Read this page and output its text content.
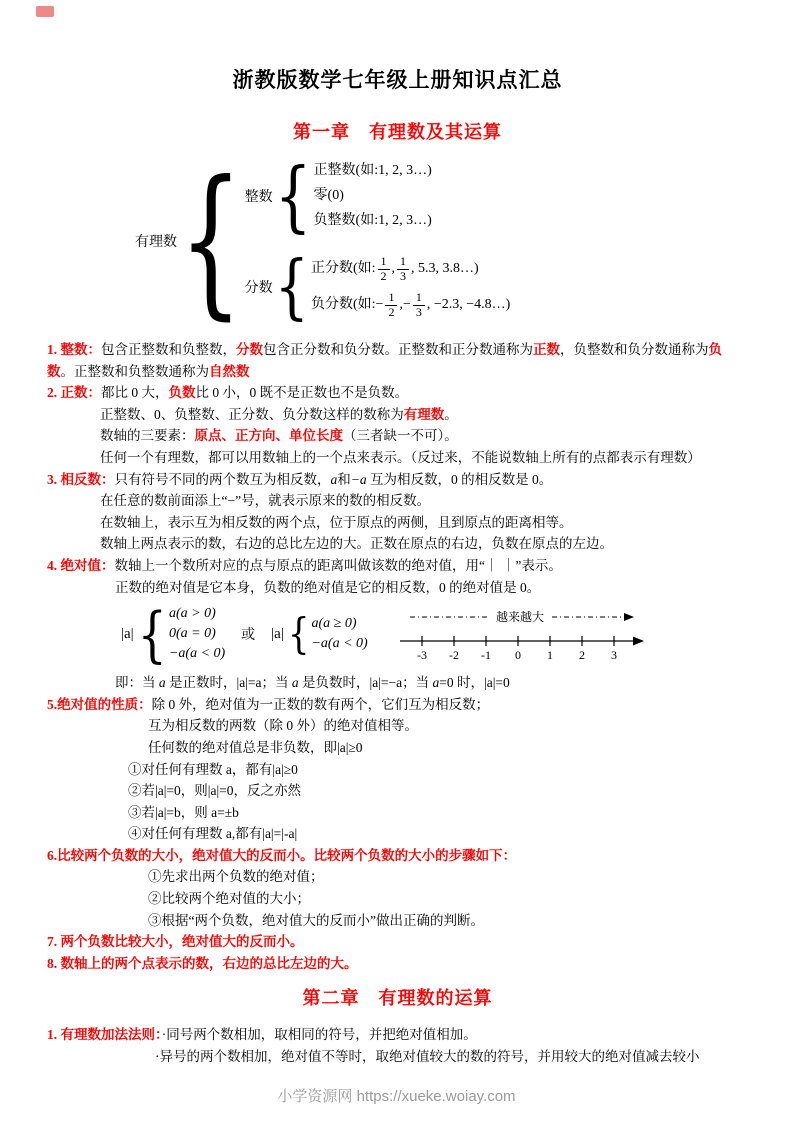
浙教版数学七年级上册知识点汇总
第一章　有理数及其运算
有理数 { 整数 { 正整数(如:1, 2, 3…)
零(0)
负整数(如:1, 2, 3…)
分数 { 正分数(如: $\frac{1}{2}$ , $\frac{1}{3}$ , 5.3, 3.8…)
负分数(如: − $\frac{1}{2}$ , − $\frac{1}{3}$ , −2.3, −4.8…)

1. 整数：包含正整数和负整数，分数包含正分数和负分数。正整数和正分数通称为正数，负整数和负分数通称为负数。正整数和负整数通称为自然数

2. 正数：都比 0 大，负数比 0 小，0 既不是正数也不是负数。

正整数、0、负整数、正分数、负分数这样的数称为有理数。

数轴的三要素：原点、正方向、单位长度（三者缺一不可）。

任何一个有理数，都可以用数轴上的一个点来表示。（反过来，不能说数轴上所有的点都表示有理数）

3. 相反数：只有符号不同的两个数互为相反数，a和−a 互为相反数，0 的相反数是 0。

在任意的数前面添上“−”号，就表示原来的数的相反数。

在数轴上，表示互为相反数的两个点，位于原点的两侧，且到原点的距离相等。

数轴上两点表示的数，右边的总比左边的大。正数在原点的右边，负数在原点的左边。

4. 绝对值：数轴上一个数所对应的点与原点的距离叫做该数的绝对值，用“｜ ｜”表示。

正数的绝对值是它本身，负数的绝对值是它的相反数，0 的绝对值是 0。

|a| { a(a > 0)
0(a = 0)
−a(a < 0)
或 |a| { a(a ≥ 0)
−a(a < 0)
越来越大
-3 -2 -1 0 1 2 3

即：当 a 是正数时，|a|=a；当 a 是负数时，|a|=−a；当 a=0 时，|a|=0

5.绝对值的性质：除 0 外，绝对值为一正数的数有两个，它们互为相反数；

互为相反数的两数（除 0 外）的绝对值相等。

任何数的绝对值总是非负数，即|a|≥0

①对任何有理数 a，都有|a|≥0

②若|a|=0，则|a|=0，反之亦然

③若|a|=b，则 a=±b

④对任何有理数 a,都有|a|=|-a|

6.比较两个负数的大小，绝对值大的反而小。比较两个负数的大小的步骤如下：

①先求出两个负数的绝对值；

②比较两个绝对值的大小；

③根据“两个负数，绝对值大的反而小”做出正确的判断。

7. 两个负数比较大小，绝对值大的反而小。

8. 数轴上的两个点表示的数，右边的总比左边的大。

第二章　有理数的运算

1. 有理数加法法则：·同号两个数相加，取相同的符号，并把绝对值相加。

·异号的两个数相加，绝对值不等时，取绝对值较大的数的符号，并用较大的绝对值减去较小

小学资源网 https://xueke.woiay.com
